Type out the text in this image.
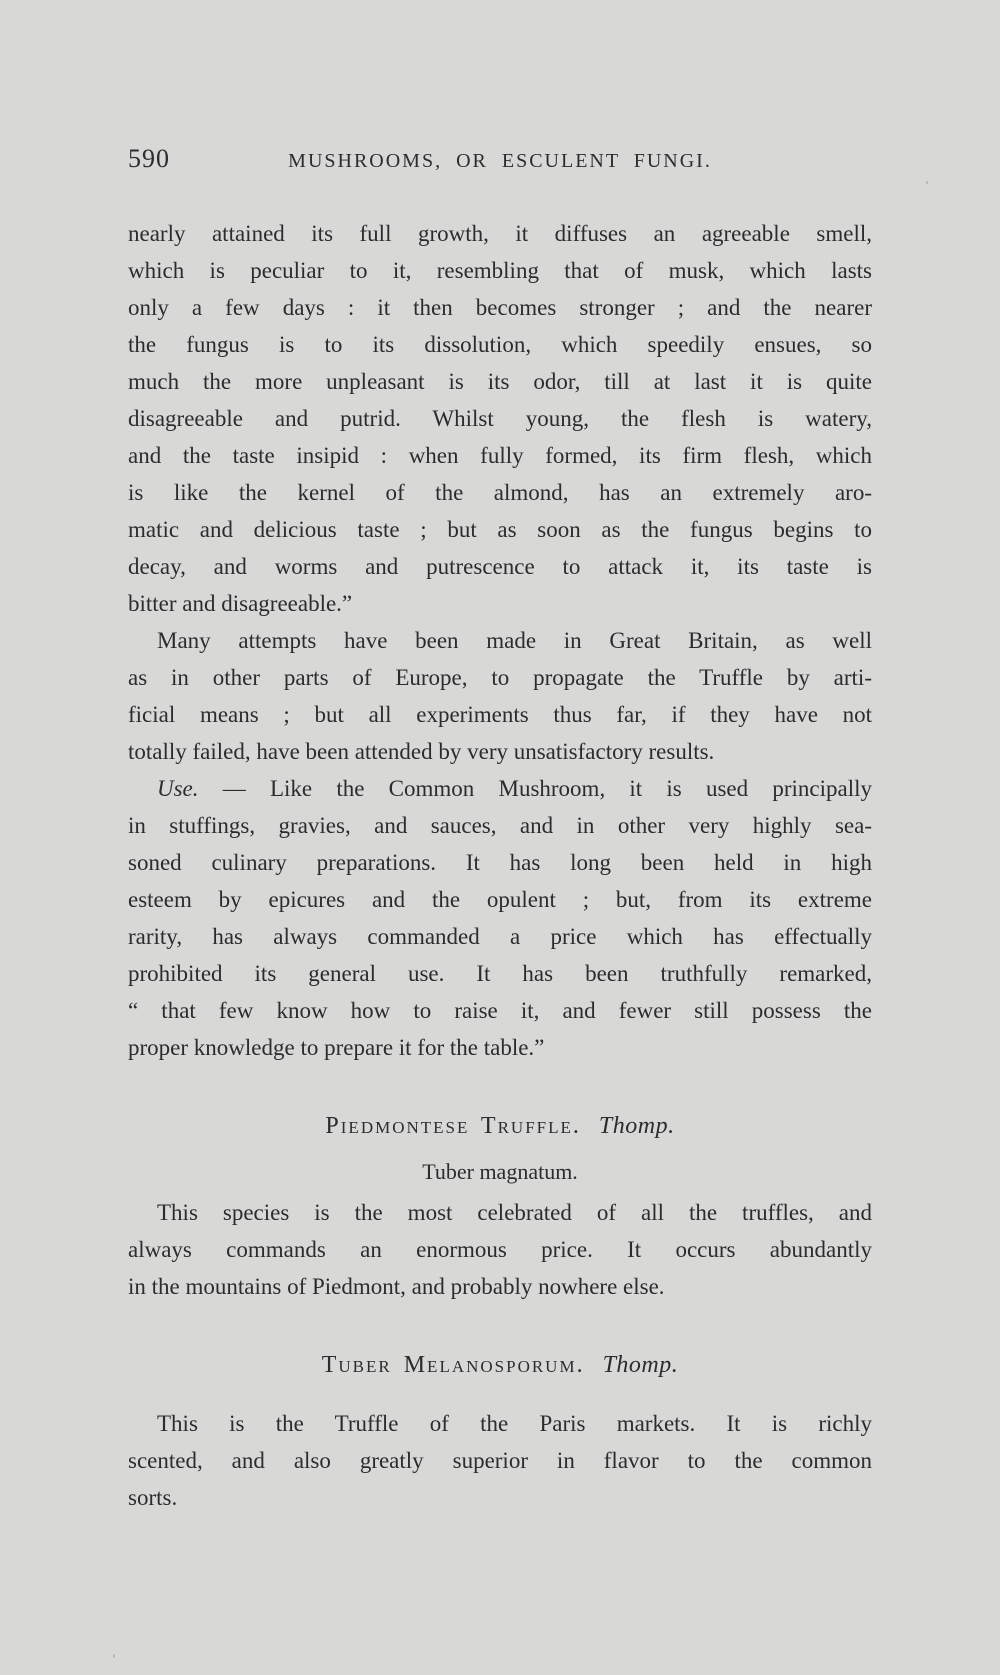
590	MUSHROOMS, OR ESCULENT FUNGI.
nearly attained its full growth, it diffuses an agreeable smell,
which is peculiar to it, resembling that of musk, which lasts
only a few days : it then becomes stronger ; and the nearer
the fungus is to its dissolution, which speedily ensues, so
much the more unpleasant is its odor, till at last it is quite
disagreeable and putrid. Whilst young, the flesh is watery,
and the taste insipid : when fully formed, its firm flesh, which
is like the kernel of the almond, has an extremely aro-
matic and delicious taste ; but as soon as the fungus begins to
decay, and worms and putrescence to attack it, its taste is
bitter and disagreeable.”
Many attempts have been made in Great Britain, as well
as in other parts of Europe, to propagate the Truffle by arti-
ficial means ; but all experiments thus far, if they have not
totally failed, have been attended by very unsatisfactory results.
Use. — Like the Common Mushroom, it is used principally
in stuffings, gravies, and sauces, and in other very highly sea-
soned culinary preparations. It has long been held in high
esteem by epicures and the opulent ; but, from its extreme
rarity, has always commanded a price which has effectually
prohibited its general use. It has been truthfully remarked,
“ that few know how to raise it, and fewer still possess the
proper knowledge to prepare it for the table.”
Piedmontese Truffle. Thomp.
Tuber magnatum.
This species is the most celebrated of all the truffles, and
always commands an enormous price. It occurs abundantly
in the mountains of Piedmont, and probably nowhere else.
Tuber Melanosporum. Thomp.
This is the Truffle of the Paris markets. It is richly
scented, and also greatly superior in flavor to the common
sorts.
